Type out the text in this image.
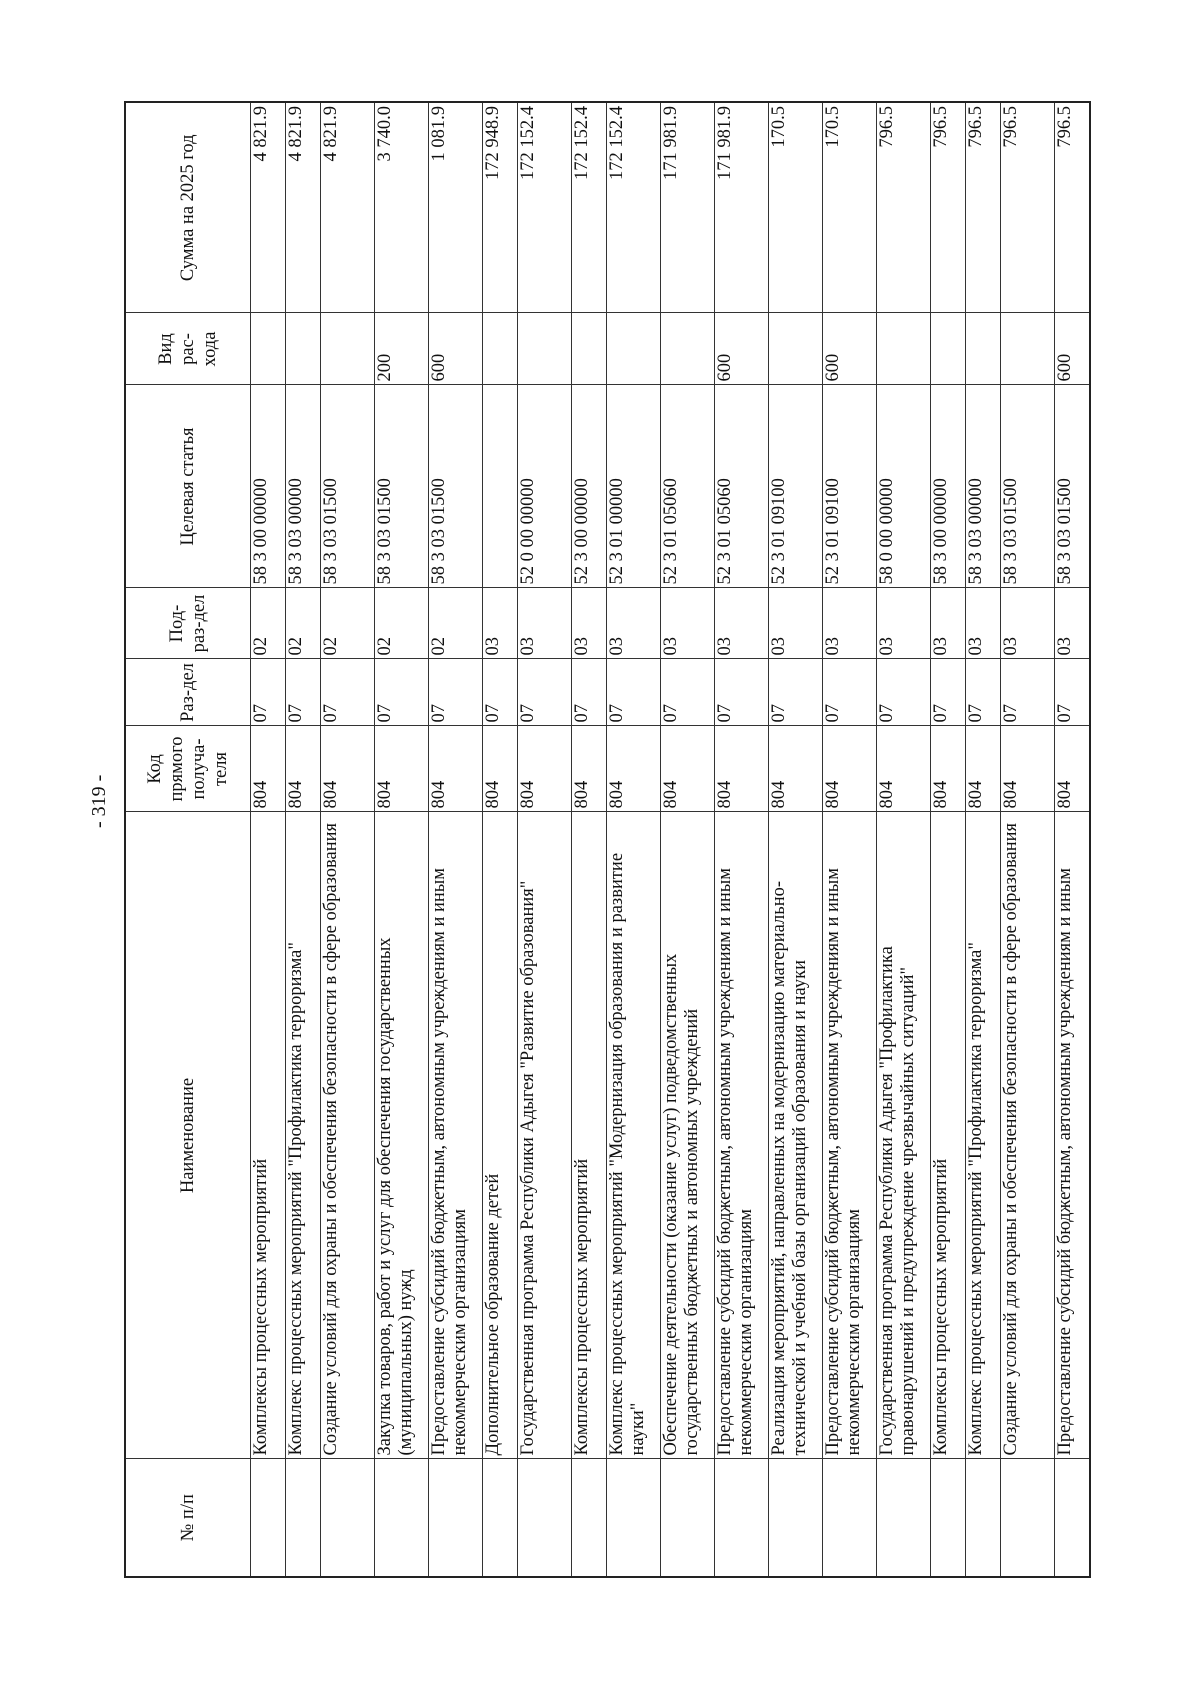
- 319 -
№ п/п	Наименование	Код прямого получа-теля	Раз-дел	Под-раз-дел	Целевая статья	Вид рас-хода	Сумма на 2025 год
	Комплексы процессных мероприятий	804	07	02	58 3 00 00000		4 821.9
	Комплекс процессных мероприятий "Профилактика терроризма"	804	07	02	58 3 03 00000		4 821.9
	Создание условий для охраны и обеспечения безопасности в сфере образования	804	07	02	58 3 03 01500		4 821.9
	Закупка товаров, работ и услуг для обеспечения государственных (муниципальных) нужд	804	07	02	58 3 03 01500	200	3 740.0
	Предоставление субсидий бюджетным, автономным учреждениям и иным некоммерческим организациям	804	07	02	58 3 03 01500	600	1 081.9
	Дополнительное образование детей	804	07	03			172 948.9
	Государственная программа Республики Адыгея "Развитие образования"	804	07	03	52 0 00 00000		172 152.4
	Комплексы процессных мероприятий	804	07	03	52 3 00 00000		172 152.4
	Комплекс процессных мероприятий "Модернизация образования и развитие науки"	804	07	03	52 3 01 00000		172 152.4
	Обеспечение деятельности (оказание услуг) подведомственных государственных бюджетных и автономных учреждений	804	07	03	52 3 01 05060		171 981.9
	Предоставление субсидий бюджетным, автономным учреждениям и иным некоммерческим организациям	804	07	03	52 3 01 05060	600	171 981.9
	Реализация мероприятий, направленных на модернизацию материально-технической и учебной базы организаций образования и науки	804	07	03	52 3 01 09100		170.5
	Предоставление субсидий бюджетным, автономным учреждениям и иным некоммерческим организациям	804	07	03	52 3 01 09100	600	170.5
	Государственная программа Республики Адыгея "Профилактика правонарушений и предупреждение чрезвычайных ситуаций"	804	07	03	58 0 00 00000		796.5
	Комплексы процессных мероприятий	804	07	03	58 3 00 00000		796.5
	Комплекс процессных мероприятий "Профилактика терроризма"	804	07	03	58 3 03 00000		796.5
	Создание условий для охраны и обеспечения безопасности в сфере образования	804	07	03	58 3 03 01500		796.5
	Предоставление субсидий бюджетным, автономным учреждениям и иным	804	07	03	58 3 03 01500	600	796.5
